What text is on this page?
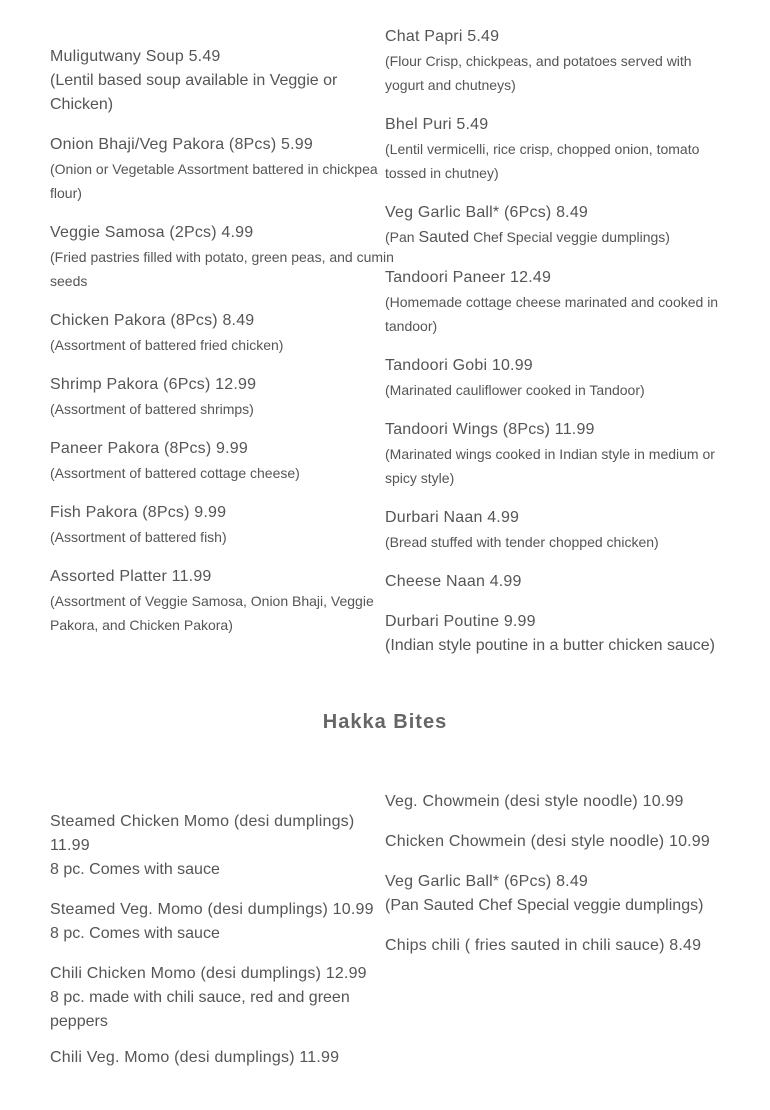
Muligutwany Soup 5.49
(Lentil based soup available in Veggie or Chicken)
Onion Bhaji/Veg Pakora (8Pcs) 5.99
(Onion or Vegetable Assortment battered in chickpea flour)
Veggie Samosa (2Pcs) 4.99
(Fried pastries filled with potato, green peas, and cumin seeds
Chicken Pakora (8Pcs) 8.49
(Assortment of battered fried chicken)
Shrimp Pakora (6Pcs) 12.99
(Assortment of battered shrimps)
Paneer Pakora (8Pcs) 9.99
(Assortment of battered cottage cheese)
Fish Pakora (8Pcs) 9.99
(Assortment of battered fish)
Assorted Platter 11.99
(Assortment of Veggie Samosa, Onion Bhaji, Veggie Pakora, and Chicken Pakora)
Chat Papri 5.49
(Flour Crisp, chickpeas, and potatoes served with yogurt and chutneys)
Bhel Puri 5.49
(Lentil vermicelli, rice crisp, chopped onion, tomato tossed in chutney)
Veg Garlic Ball* (6Pcs) 8.49
(Pan Sauted Chef Special veggie dumplings)
Tandoori Paneer 12.49
(Homemade cottage cheese marinated and cooked in tandoor)
Tandoori Gobi 10.99
(Marinated cauliflower cooked in Tandoor)
Tandoori Wings (8Pcs) 11.99
(Marinated wings cooked in Indian style in medium or spicy style)
Durbari Naan 4.99
(Bread stuffed with tender chopped chicken)
Cheese Naan 4.99
Durbari Poutine 9.99
(Indian style poutine in a butter chicken sauce)
Hakka Bites
Steamed Chicken Momo (desi dumplings) 11.99
8 pc. Comes with sauce
Steamed Veg. Momo (desi dumplings) 10.99
8 pc. Comes with sauce
Chili Chicken Momo (desi dumplings) 12.99
8 pc. made with chili sauce, red and green peppers
Chili Veg. Momo (desi dumplings) 11.99
Veg. Chowmein (desi style noodle) 10.99
Chicken Chowmein (desi style noodle) 10.99
Veg Garlic Ball* (6Pcs) 8.49
(Pan Sauted Chef Special veggie dumplings)
Chips chili ( fries sauted in chili sauce) 8.49
